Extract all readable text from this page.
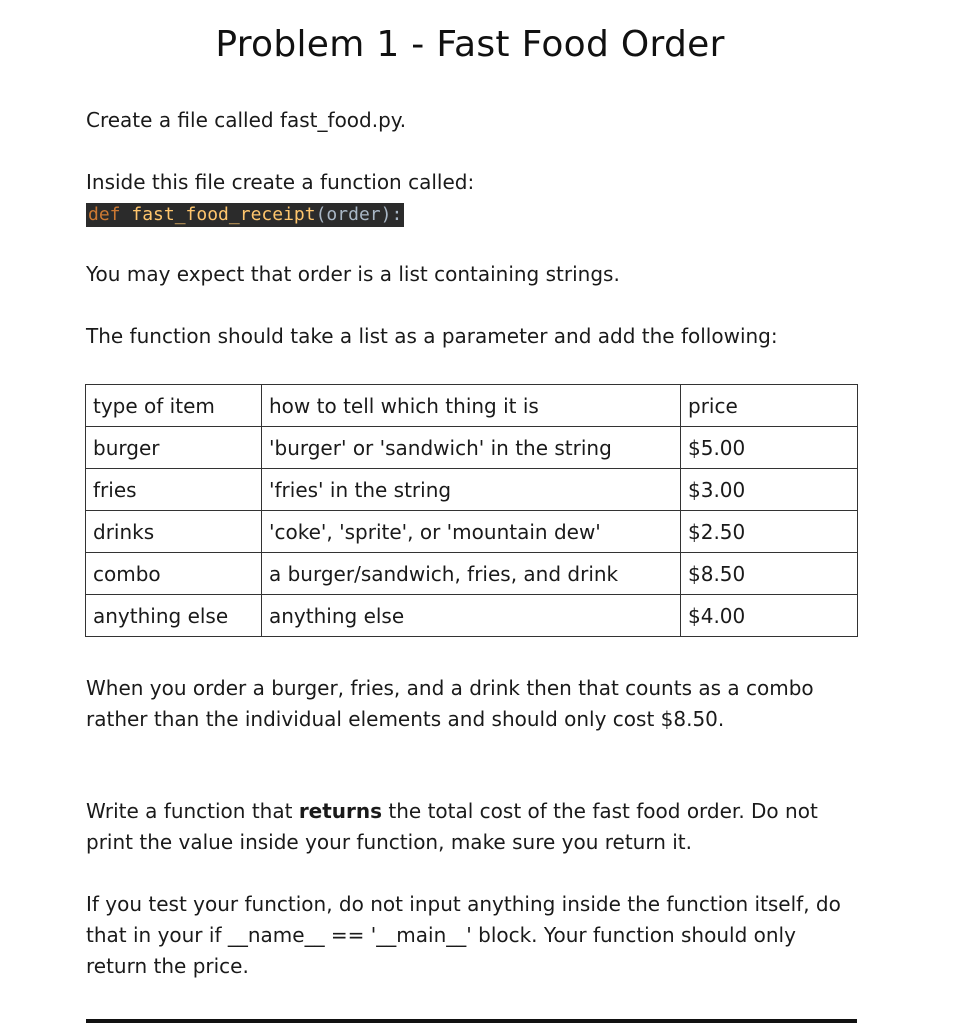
Problem 1 - Fast Food Order
Create a file called fast_food.py.
Inside this file create a function called:
def fast_food_receipt(order):
You may expect that order is a list containing strings.
The function should take a list as a parameter and add the following:
type of item	how to tell which thing it is	price
burger	'burger' or 'sandwich' in the string	$5.00
fries	'fries' in the string	$3.00
drinks	'coke', 'sprite', or 'mountain dew'	$2.50
combo	a burger/sandwich, fries, and drink	$8.50
anything else	anything else	$4.00
When you order a burger, fries, and a drink then that counts as a combo rather than the individual elements and should only cost $8.50.
Write a function that returns the total cost of the fast food order. Do not print the value inside your function, make sure you return it.
If you test your function, do not input anything inside the function itself, do that in your if __name__ == '__main__' block. Your function should only return the price.
